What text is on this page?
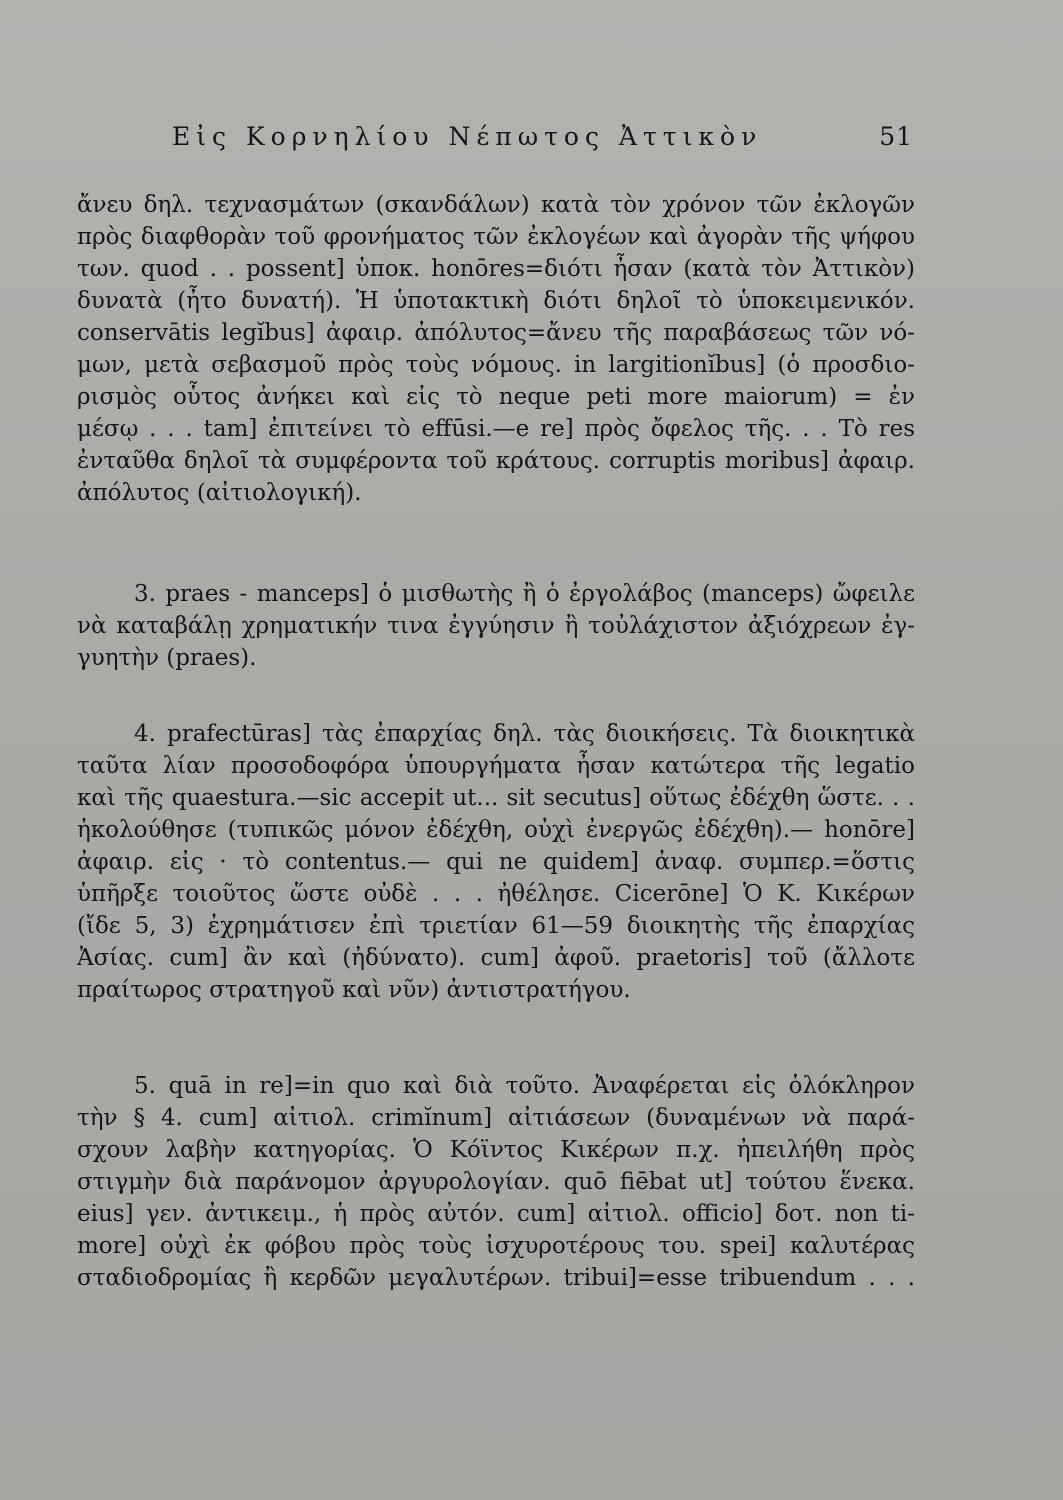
Εἰς Κορνηλίου Νέπωτος Ἀττικὸν	51
ἄνευ δηλ. τεχνασμάτων (σκανδάλων) κατὰ τὸν χρόνον τῶν ἐκλογῶν
πρὸς διαφθορὰν τοῦ φρονήματος τῶν ἐκλογέων καὶ ἀγορὰν τῆς ψήφου
των. quod . . possent] ὑποκ. honōres=διότι ἦσαν (κατὰ τὸν Ἀττικὸν)
δυνατὰ (ἦτο δυνατή). Ἡ ὑποτακτικὴ διότι δηλοῖ τὸ ὑποκειμενικόν.
conservātis legĭbus] ἀφαιρ. ἀπόλυτος=ἄνευ τῆς παραβάσεως τῶν νό-
μων, μετὰ σεβασμοῦ πρὸς τοὺς νόμους. in largitionĭbus] (ὁ προσδιο-
ρισμὸς οὗτος ἀνήκει καὶ εἰς τὸ neque peti more maiorum) = ἐν
μέσῳ . . . tam] ἐπιτείνει τὸ effūsi.—e re] πρὸς ὄφελος τῆς. . . Τὸ res
ἐνταῦθα δηλοῖ τὰ συμφέροντα τοῦ κράτους. corruptis moribus] ἀφαιρ.
ἀπόλυτος (αἰτιολογική).
3. praes - manceps] ὁ μισθωτὴς ἢ ὁ ἐργολάβος (manceps) ὤφειλε
νὰ καταβάλῃ χρηματικήν τινα ἐγγύησιν ἢ τοὐλάχιστον ἀξιόχρεων ἐγ-
γυητὴν (praes).
4. prafectūras] τὰς ἐπαρχίας δηλ. τὰς διοικήσεις. Τὰ διοικητικὰ
ταῦτα λίαν προσοδοφόρα ὑπουργήματα ἦσαν κατώτερα τῆς legatio
καὶ τῆς quaestura.—sic accepit ut... sit secutus] οὕτως ἐδέχθη ὥστε. . .
ἠκολούθησε (τυπικῶς μόνον ἐδέχθη, οὐχὶ ἐνεργῶς ἐδέχθη).— honōre]
ἀφαιρ. εἰς · τὸ contentus.— qui ne quidem] ἀναφ. συμπερ.=ὅστις
ὑπῆρξε τοιοῦτος ὥστε οὐδὲ . . . ἠθέλησε. Cicerōne] Ὁ Κ. Κικέρων
(ἴδε 5, 3) ἐχρημάτισεν ἐπὶ τριετίαν 61—59 διοικητὴς τῆς ἐπαρχίας
Ἀσίας. cum] ἂν καὶ (ἠδύνατο). cum] ἀφοῦ. praetoris] τοῦ (ἄλλοτε
πραίτωρος στρατηγοῦ καὶ νῦν) ἀντιστρατήγου.
5. quā in re]=in quo καὶ διὰ τοῦτο. Ἀναφέρεται εἰς ὁλόκληρον
τὴν § 4. cum] αἰτιολ. crimĭnum] αἰτιάσεων (δυναμένων νὰ παρά-
σχουν λαβὴν κατηγορίας. Ὁ Κόϊντος Κικέρων π.χ. ἠπειλήθη πρὸς
στιγμὴν διὰ παράνομον ἀργυρολογίαν. quō fiēbat ut] τούτου ἕνεκα.
eius] γεν. ἀντικειμ., ἡ πρὸς αὐτόν. cum] αἰτιολ. officio] δοτ. non ti-
more] οὐχὶ ἐκ φόβου πρὸς τοὺς ἰσχυροτέρους του. spei] καλυτέρας
σταδιοδρομίας ἢ κερδῶν μεγαλυτέρων. tribui]=esse tribuendum . . .
